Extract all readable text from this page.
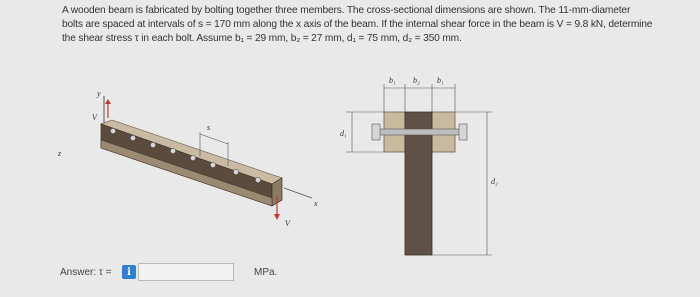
A wooden beam is fabricated by bolting together three members. The cross-sectional dimensions are shown. The 11-mm-diameter

bolts are spaced at intervals of s = 170 mm along the x axis of the beam. If the internal shear force in the beam is V = 9.8 kN, determine

the shear stress τ in each bolt. Assume b₁ = 29 mm, b₂ = 27 mm, d₁ = 75 mm, d₂ = 350 mm.

y
V
z
s
x
V
b₁ b₂ b₁
d₁
d₂
Answer: τ =	i	MPa.
